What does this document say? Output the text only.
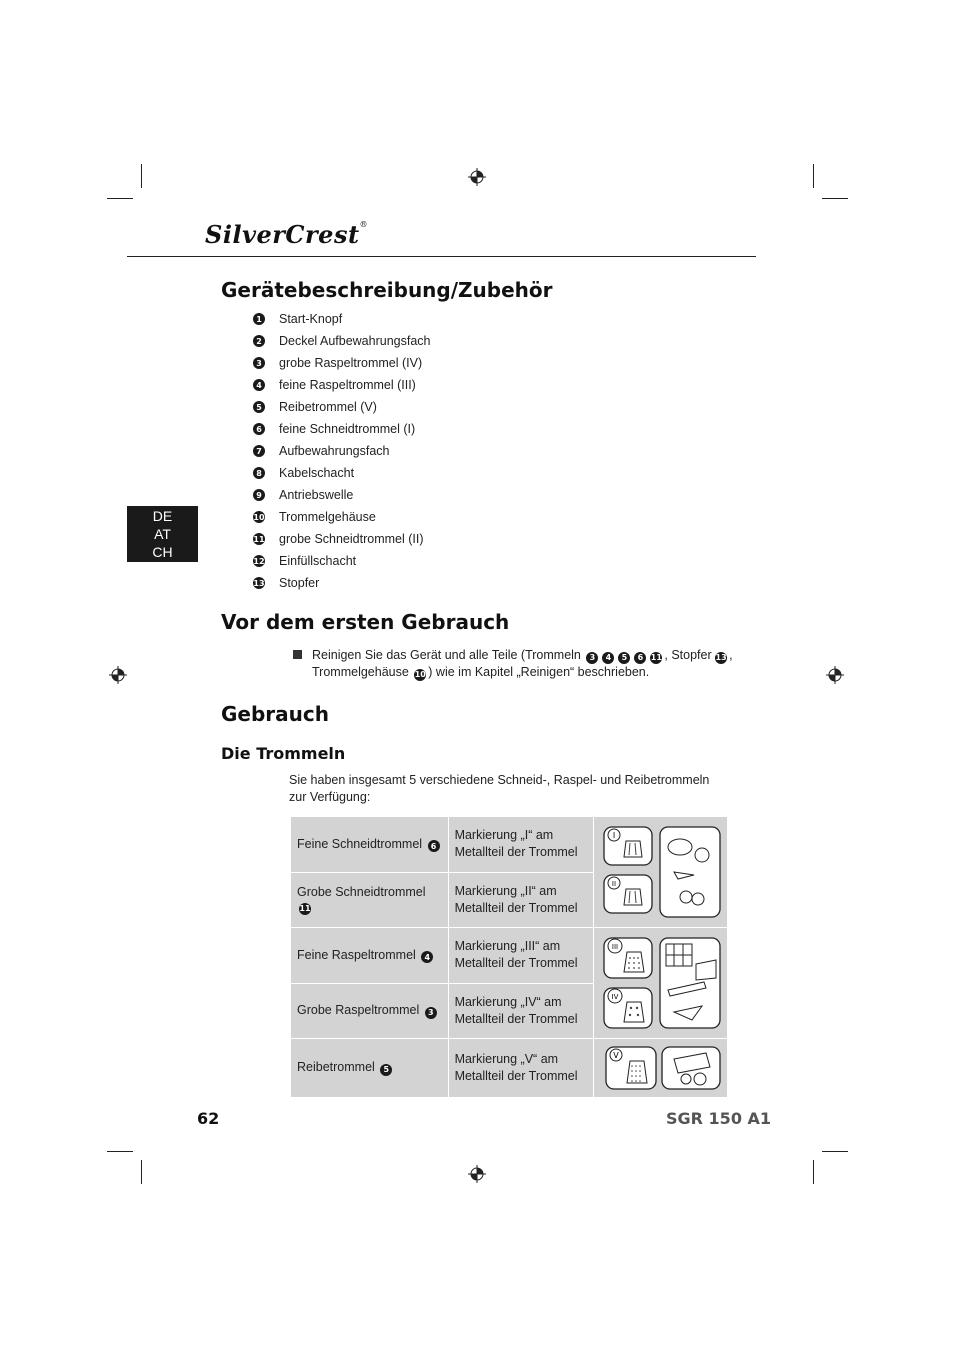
SilverCrest®
Gerätebeschreibung/Zubehör
1 Start-Knopf
2 Deckel Aufbewahrungsfach
3 grobe Raspeltrommel (IV)
4 feine Raspeltrommel (III)
5 Reibetrommel (V)
6 feine Schneidtrommel (I)
7 Aufbewahrungsfach
8 Kabelschacht
9 Antriebswelle
10 Trommelgehäuse
11 grobe Schneidtrommel (II)
12 Einfüllschacht
13 Stopfer
DE
AT
CH
Vor dem ersten Gebrauch
Reinigen Sie das Gerät und alle Teile (Trommeln 3 4 5 6 11 , Stopfer 13 , Trommelgehäuse 10 ) wie im Kapitel „Reinigen“ beschrieben.
Gebrauch
Die Trommeln
Sie haben insgesamt 5 verschiedene Schneid-, Raspel- und Reibetrommeln zur Verfügung:
Feine Schneidtrommel 6	Markierung „I“ am Metallteil der Trommel	I
II

Grobe Schneidtrommel 11	Markierung „II“ am Metallteil der Trommel	
Feine Raspeltrommel 4	Markierung „III“ am Metallteil der Trommel	III
IV

Grobe Raspeltrommel 3	Markierung „IV“ am Metallteil der Trommel	
Reibetrommel 5	Markierung „V“ am Metallteil der Trommel	V
62	SGR 150 A1
